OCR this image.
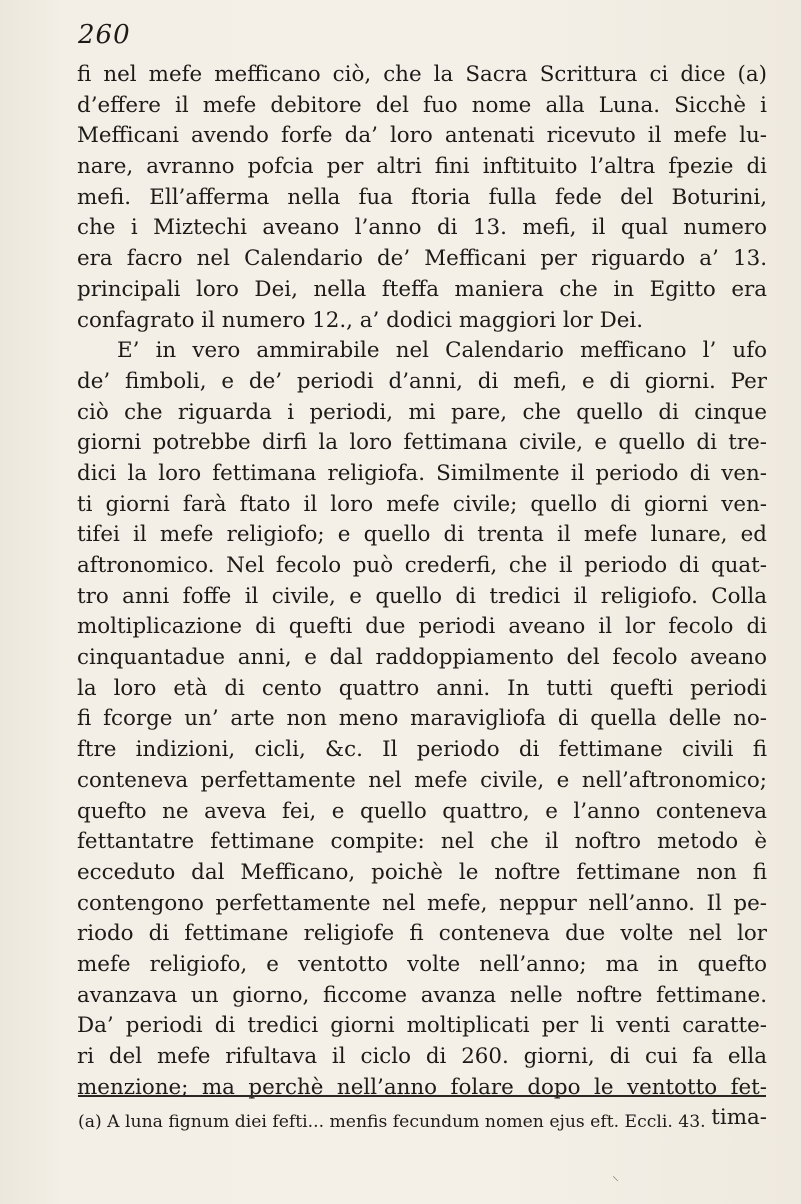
260
fi nel mefe mefficano ciò, che la Sacra Scrittura ci dice (a)
d’effere il mefe debitore del fuo nome alla Luna. Sicchè i
Mefficani avendo forfe da’ loro antenati ricevuto il mefe lu-
nare, avranno pofcia per altri fini inftituito l’altra fpezie di
mefi. Ell’afferma nella fua ftoria fulla fede del Boturini,
che i Miztechi aveano l’anno di 13. mefi, il qual numero
era facro nel Calendario de’ Mefficani per riguardo a’ 13.
principali loro Dei, nella fteffa maniera che in Egitto era
confagrato il numero 12., a’ dodici maggiori lor Dei.
E’ in vero ammirabile nel Calendario mefficano l’ ufo
de’ fimboli, e de’ periodi d’anni, di mefi, e di giorni. Per
ciò che riguarda i periodi, mi pare, che quello di cinque
giorni potrebbe dirfi la loro fettimana civile, e quello di tre-
dici la loro fettimana religiofa. Similmente il periodo di ven-
ti giorni farà ftato il loro mefe civile; quello di giorni ven-
tifei il mefe religiofo; e quello di trenta il mefe lunare, ed
aftronomico. Nel fecolo può crederfi, che il periodo di quat-
tro anni foffe il civile, e quello di tredici il religiofo. Colla
moltiplicazione di quefti due periodi aveano il lor fecolo di
cinquantadue anni, e dal raddoppiamento del fecolo aveano
la loro età di cento quattro anni. In tutti quefti periodi
fi fcorge un’ arte non meno maravigliofa di quella delle no-
ftre indizioni, cicli, &c. Il periodo di fettimane civili fi
conteneva perfettamente nel mefe civile, e nell’aftronomico;
quefto ne aveva fei, e quello quattro, e l’anno conteneva
fettantatre fettimane compite: nel che il noftro metodo è
ecceduto dal Mefficano, poichè le noftre fettimane non fi
contengono perfettamente nel mefe, neppur nell’anno. Il pe-
riodo di fettimane religiofe fi conteneva due volte nel lor
mefe religiofo, e ventotto volte nell’anno; ma in quefto
avanzava un giorno, ficcome avanza nelle noftre fettimane.
Da’ periodi di tredici giorni moltiplicati per li venti caratte-
ri del mefe rifultava il ciclo di 260. giorni, di cui fa ella
menzione; ma perchè nell’anno folare dopo le ventotto fet-
tima-
(a) A luna fignum diei fefti... menfis fecundum nomen ejus eft. Eccli. 43.
⸌
